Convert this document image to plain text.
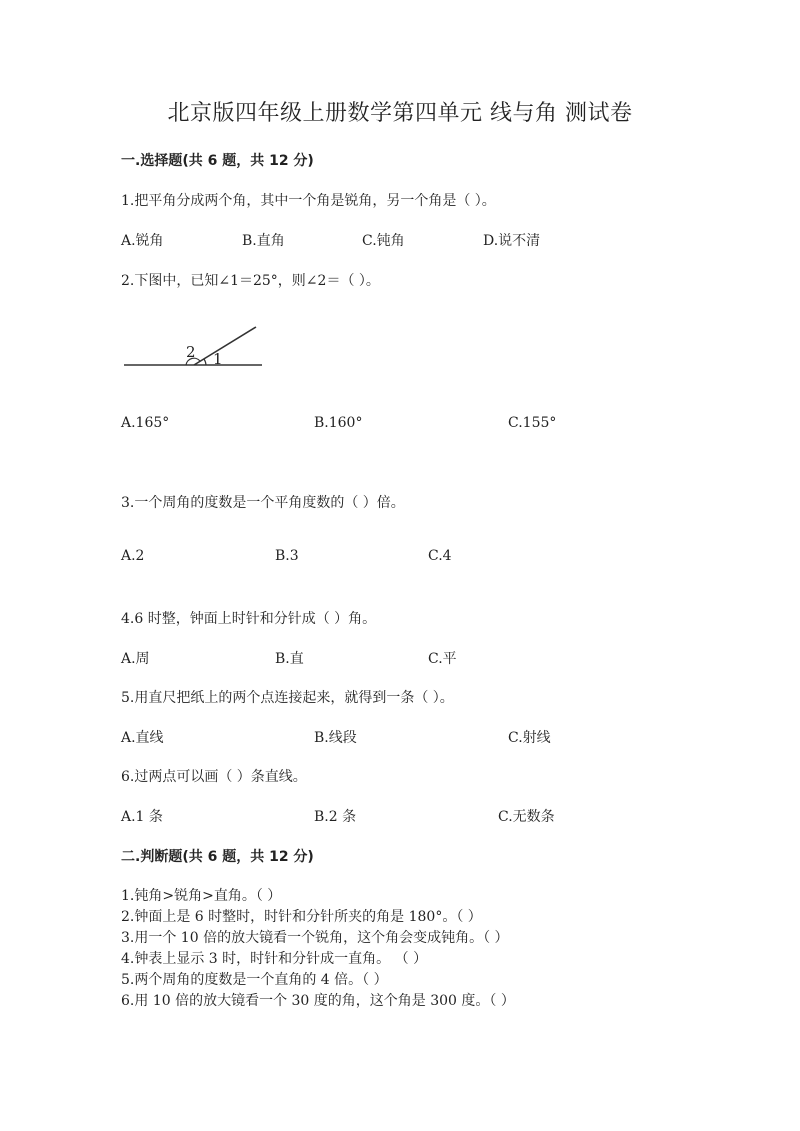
北京版四年级上册数学第四单元 线与角 测试卷
一.选择题(共 6 题，共 12 分)
1.把平角分成两个角，其中一个角是锐角，另一个角是（ ）。
A.锐角	B.直角	C.钝角	D.说不清
2.下图中，已知∠1＝25°，则∠2＝（ ）。
2 1
A.165°	B.160°	C.155°
3.一个周角的度数是一个平角度数的（ ）倍。
A.2	B.3	C.4
4.6 时整，钟面上时针和分针成（ ）角。
A.周	B.直	C.平
5.用直尺把纸上的两个点连接起来，就得到一条（ ）。
A.直线	B.线段	C.射线
6.过两点可以画（ ）条直线。
A.1 条	B.2 条	C.无数条
二.判断题(共 6 题，共 12 分)
1.钝角>锐角>直角。（ ）
2.钟面上是 6 时整时，时针和分针所夹的角是 180°。（ ）
3.用一个 10 倍的放大镜看一个锐角，这个角会变成钝角。（ ）
4.钟表上显示 3 时，时针和分针成一直角。 （ ）
5.两个周角的度数是一个直角的 4 倍。（ ）
6.用 10 倍的放大镜看一个 30 度的角，这个角是 300 度。（ ）
